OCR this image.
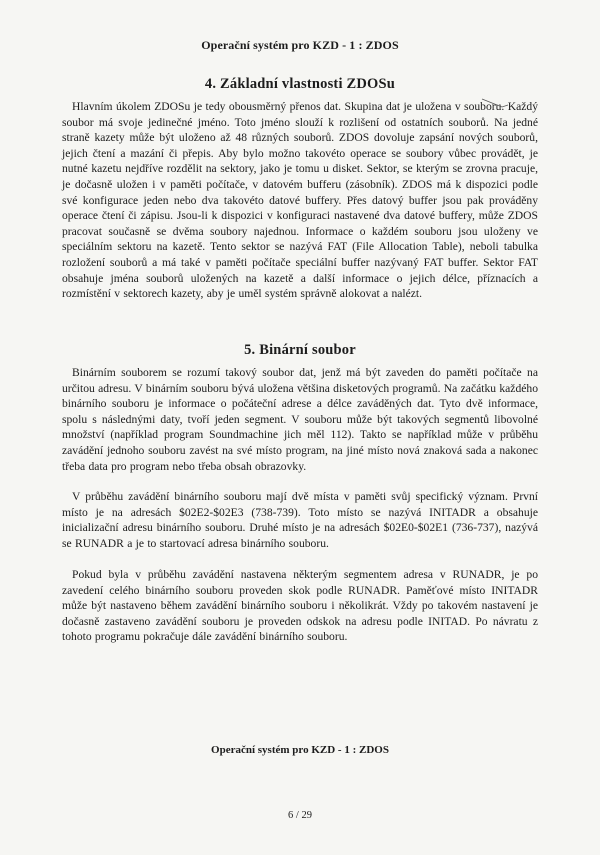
Operační systém pro KZD - 1 : ZDOS
4. Základní vlastnosti ZDOSu
Hlavním úkolem ZDOSu je tedy obousměrný přenos dat. Skupina dat je uložena v souboru. Každý soubor má svoje jedinečné jméno. Toto jméno slouží k rozlišení od ostatních souborů. Na jedné straně kazety může být uloženo až 48 různých souborů. ZDOS dovoluje zapsání nových souborů, jejich čtení a mazání či přepis. Aby bylo možno takovéto operace se soubory vůbec provádět, je nutné kazetu nejdříve rozdělit na sektory, jako je tomu u disket. Sektor, se kterým se zrovna pracuje, je dočasně uložen i v paměti počítače, v datovém bufferu (zásobník). ZDOS má k dispozici podle své konfigurace jeden nebo dva takovéto datové buffery. Přes datový buffer jsou pak prováděny operace čtení či zápisu. Jsou-li k dispozici v konfiguraci nastavené dva datové buffery, může ZDOS pracovat současně se dvěma soubory najednou. Informace o každém souboru jsou uloženy ve speciálním sektoru na kazetě. Tento sektor se nazývá FAT (File Allocation Table), neboli tabulka rozložení souborů a má také v paměti počítače speciální buffer nazývaný FAT buffer. Sektor FAT obsahuje jména souborů uložených na kazetě a další informace o jejich délce, příznacích a rozmístění v sektorech kazety, aby je uměl systém správně alokovat a nalézt.
5. Binární soubor
Binárním souborem se rozumí takový soubor dat, jenž má být zaveden do paměti počítače na určitou adresu. V binárním souboru bývá uložena většina disketových programů. Na začátku každého binárního souboru je informace o počáteční adrese a délce zaváděných dat. Tyto dvě informace, spolu s následnými daty, tvoří jeden segment. V souboru může být takových segmentů libovolné množství (například program Soundmachine jich měl 112). Takto se například může v průběhu zavádění jednoho souboru zavést na své místo program, na jiné místo nová znaková sada a nakonec třeba data pro program nebo třeba obsah obrazovky.
V průběhu zavádění binárního souboru mají dvě místa v paměti svůj specifický význam. První místo je na adresách $02E2-$02E3 (738-739). Toto místo se nazývá INITADR a obsahuje inicializační adresu binárního souboru. Druhé místo je na adresách $02E0-$02E1 (736-737), nazývá se RUNADR a je to startovací adresa binárního souboru.
Pokud byla v průběhu zavádění nastavena některým segmentem adresa v RUNADR, je po zavedení celého binárního souboru proveden skok podle RUNADR. Paměťové místo INITADR může být nastaveno během zavádění binárního souboru i několikrát. Vždy po takovém nastavení je dočasně zastaveno zavádění souboru je proveden odskok na adresu podle INITAD. Po návratu z tohoto programu pokračuje dále zavádění binárního souboru.
Operační systém pro KZD - 1 : ZDOS
6 / 29
